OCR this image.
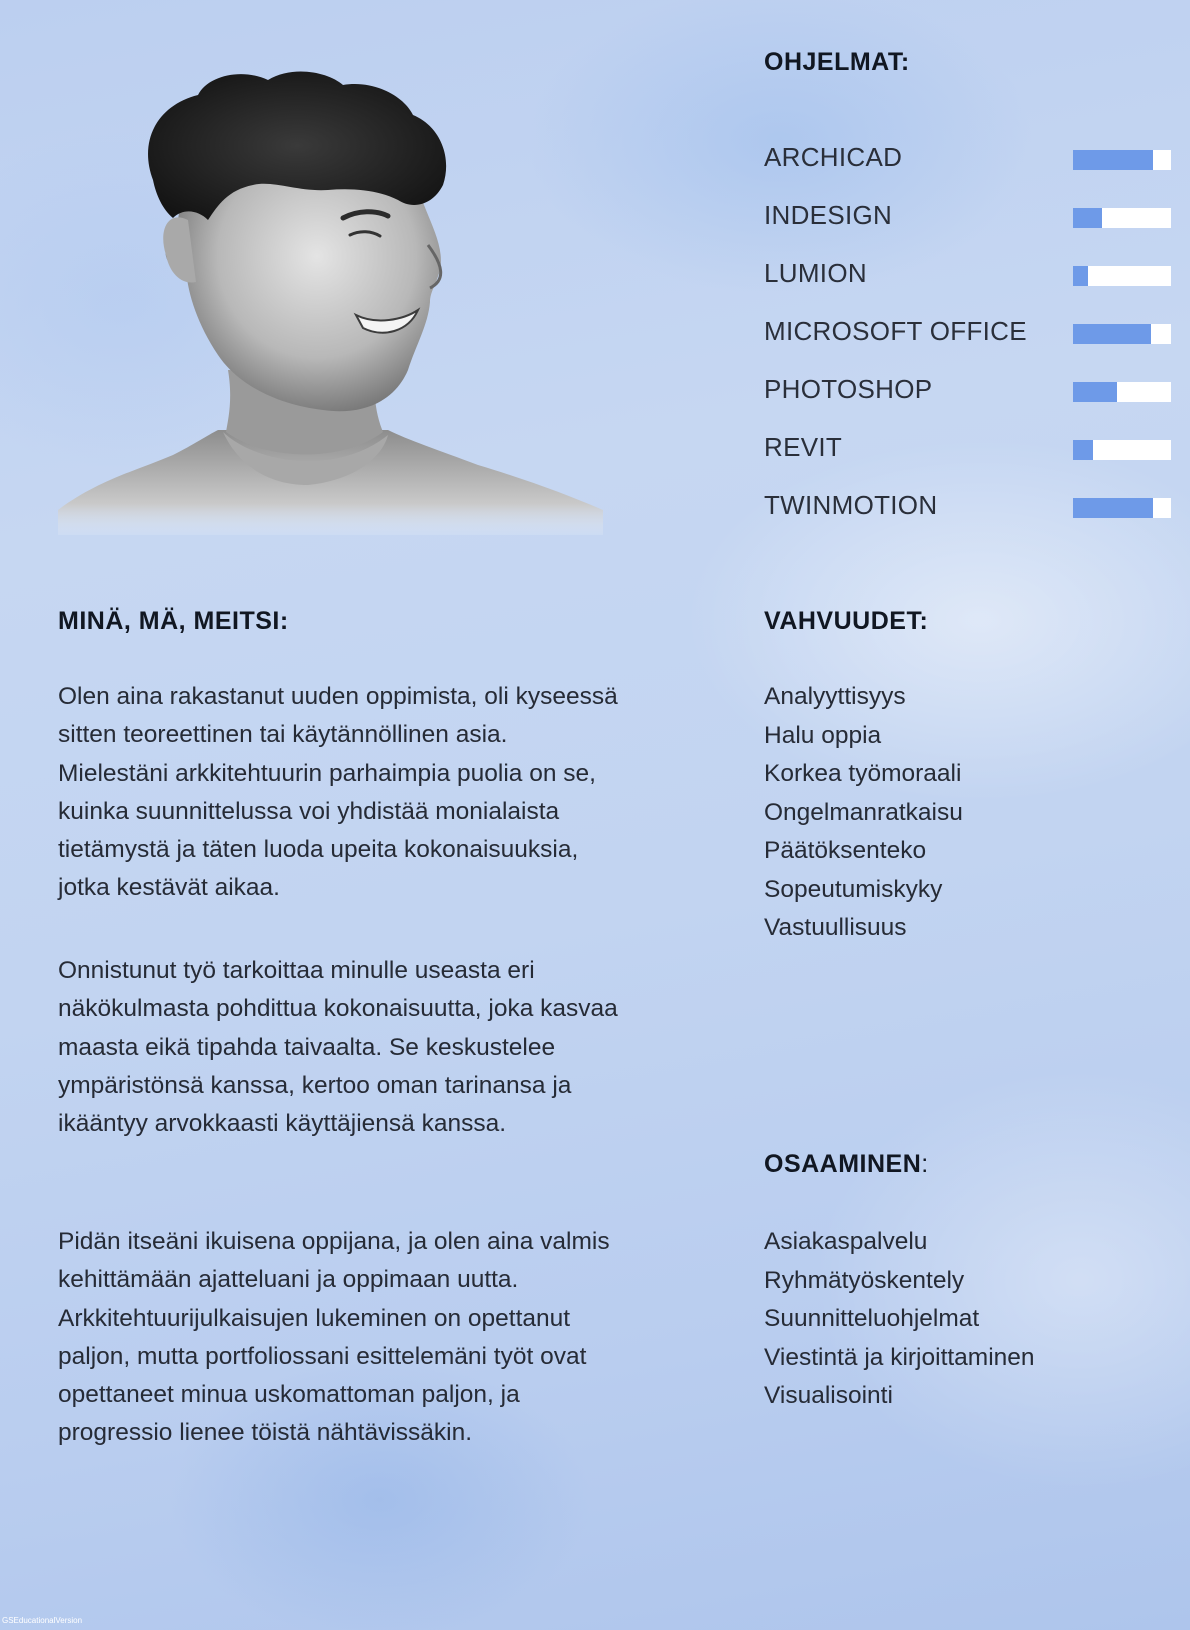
OHJELMAT:
ARCHICAD
INDESIGN
LUMION
MICROSOFT OFFICE
PHOTOSHOP
REVIT
TWINMOTION
MINÄ, MÄ, MEITSI:

Olen aina rakastanut uuden oppimista, oli kyseessä sitten teoreettinen tai käytännöllinen asia. Mielestäni arkkitehtuurin parhaimpia puolia on se, kuinka suunnittelussa voi yhdistää monialaista tietämystä ja täten luoda upeita kokonaisuuksia, jotka kestävät aikaa.

Onnistunut työ tarkoittaa minulle useasta eri näkökulmasta pohdittua kokonaisuutta, joka kasvaa maasta eikä tipahda taivaalta. Se keskustelee ympäristönsä kanssa, kertoo oman tarinansa ja ikääntyy arvokkaasti käyttäjiensä kanssa.

Pidän itseäni ikuisena oppijana, ja olen aina valmis kehittämään ajatteluani ja oppimaan uutta. Arkkitehtuurijulkaisujen lukeminen on opettanut paljon, mutta portfoliossani esittelemäni työt ovat opettaneet minua uskomattoman paljon, ja progressio lienee töistä nähtävissäkin.

VAHVUUDET:
Analyyttisyys
Halu oppia
Korkea työmoraali
Ongelmanratkaisu
Päätöksenteko
Sopeutumiskyky
Vastuullisuus
OSAAMINEN:
Asiakaspalvelu
Ryhmätyöskentely
Suunnitteluohjelmat
Viestintä ja kirjoittaminen
Visualisointi
GSEducationalVersion
